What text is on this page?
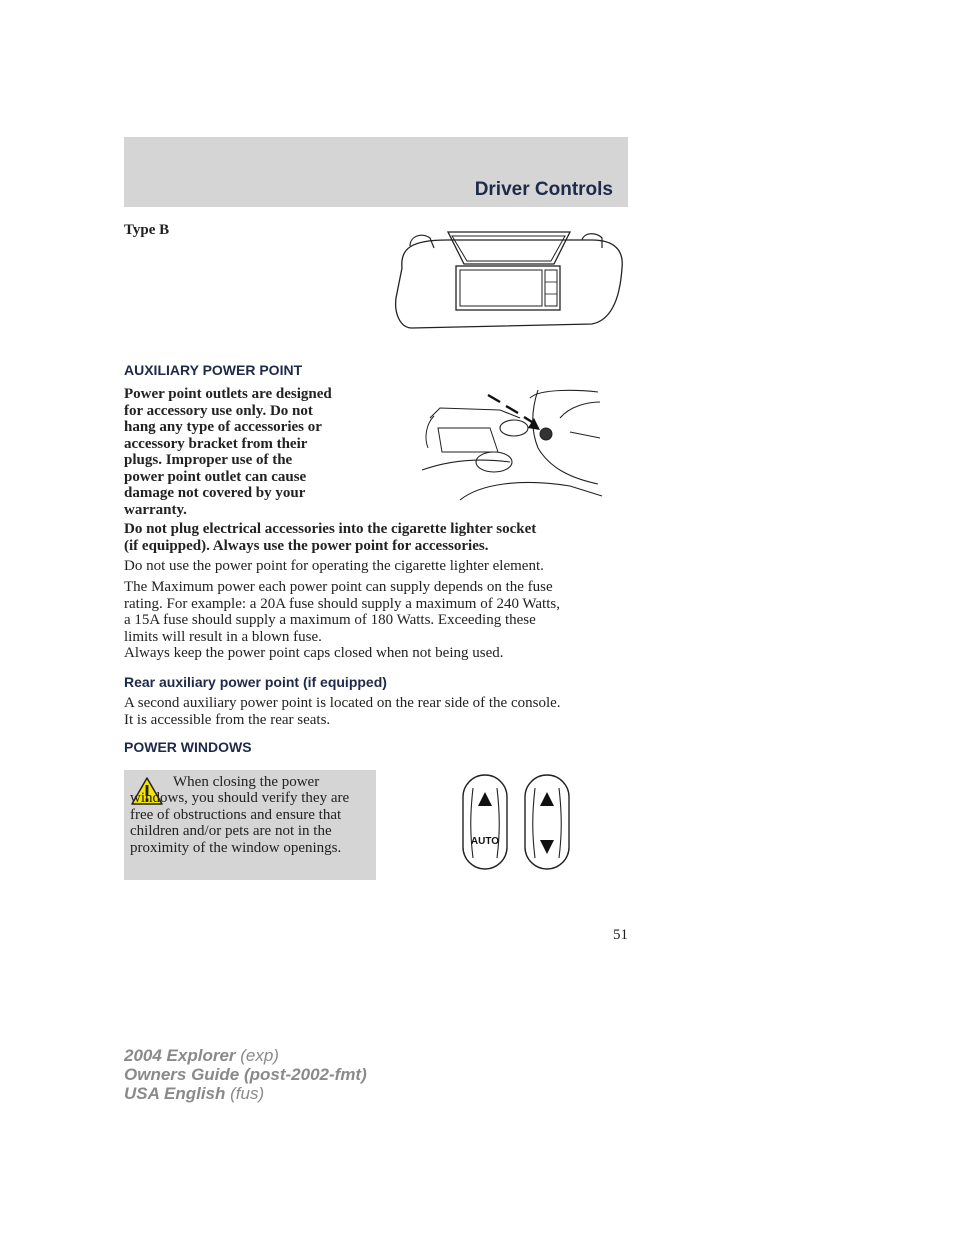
Driver Controls
Type B
AUXILIARY POWER POINT
Power point outlets are designed
for accessory use only. Do not
hang any type of accessories or
accessory bracket from their
plugs. Improper use of the
power point outlet can cause
damage not covered by your
warranty.
Do not plug electrical accessories into the cigarette lighter socket
(if equipped). Always use the power point for accessories.
Do not use the power point for operating the cigarette lighter element.
The Maximum power each power point can supply depends on the fuse
rating. For example: a 20A fuse should supply a maximum of 240 Watts,
a 15A fuse should supply a maximum of 180 Watts. Exceeding these
limits will result in a blown fuse.
Always keep the power point caps closed when not being used.
Rear auxiliary power point (if equipped)
A second auxiliary power point is located on the rear side of the console.
It is accessible from the rear seats.
POWER WINDOWS
When closing the power windows, you should verify they are free of obstructions and ensure that children and/or pets are not in the proximity of the window openings.	AUTO
51
2004 Explorer (exp)
Owners Guide (post-2002-fmt)
USA English (fus)
